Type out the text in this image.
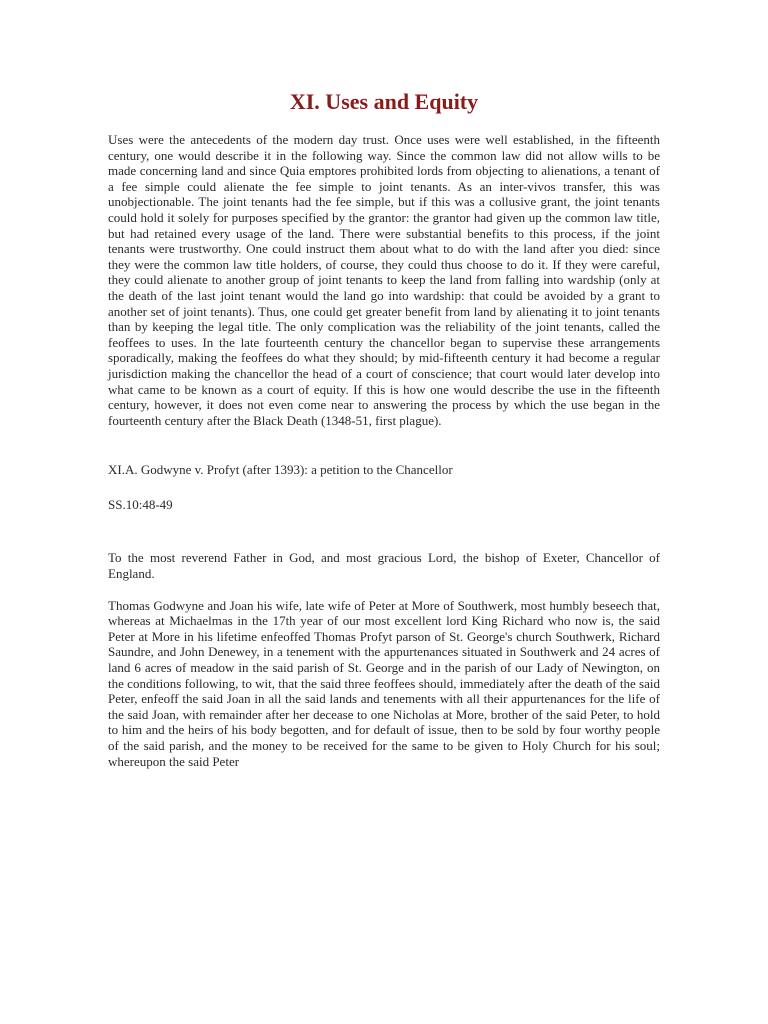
XI. Uses and Equity

Uses were the antecedents of the modern day trust. Once uses were well established, in the fifteenth century, one would describe it in the following way. Since the common law did not allow wills to be made concerning land and since Quia emptores prohibited lords from objecting to alienations, a tenant of a fee simple could alienate the fee simple to joint tenants. As an inter-vivos transfer, this was unobjectionable. The joint tenants had the fee simple, but if this was a collusive grant, the joint tenants could hold it solely for purposes specified by the grantor: the grantor had given up the common law title, but had retained every usage of the land. There were substantial benefits to this process, if the joint tenants were trustworthy. One could instruct them about what to do with the land after you died: since they were the common law title holders, of course, they could thus choose to do it. If they were careful, they could alienate to another group of joint tenants to keep the land from falling into wardship (only at the death of the last joint tenant would the land go into wardship: that could be avoided by a grant to another set of joint tenants). Thus, one could get greater benefit from land by alienating it to joint tenants than by keeping the legal title. The only complication was the reliability of the joint tenants, called the feoffees to uses. In the late fourteenth century the chancellor began to supervise these arrangements sporadically, making the feoffees do what they should; by mid-fifteenth century it had become a regular jurisdiction making the chancellor the head of a court of conscience; that court would later develop into what came to be known as a court of equity. If this is how one would describe the use in the fifteenth century, however, it does not even come near to answering the process by which the use began in the fourteenth century after the Black Death (1348-51, first plague).

XI.A. Godwyne v. Profyt (after 1393): a petition to the Chancellor

SS.10:48-49

To the most reverend Father in God, and most gracious Lord, the bishop of Exeter, Chancellor of England.

Thomas Godwyne and Joan his wife, late wife of Peter at More of Southwerk, most humbly beseech that, whereas at Michaelmas in the 17th year of our most excellent lord King Richard who now is, the said Peter at More in his lifetime enfeoffed Thomas Profyt parson of St. George's church Southwerk, Richard Saundre, and John Denewey, in a tenement with the appurtenances situated in Southwerk and 24 acres of land 6 acres of meadow in the said parish of St. George and in the parish of our Lady of Newington, on the conditions following, to wit, that the said three feoffees should, immediately after the death of the said Peter, enfeoff the said Joan in all the said lands and tenements with all their appurtenances for the life of the said Joan, with remainder after her decease to one Nicholas at More, brother of the said Peter, to hold to him and the heirs of his body begotten, and for default of issue, then to be sold by four worthy people of the said parish, and the money to be received for the same to be given to Holy Church for his soul; whereupon the said Peter
